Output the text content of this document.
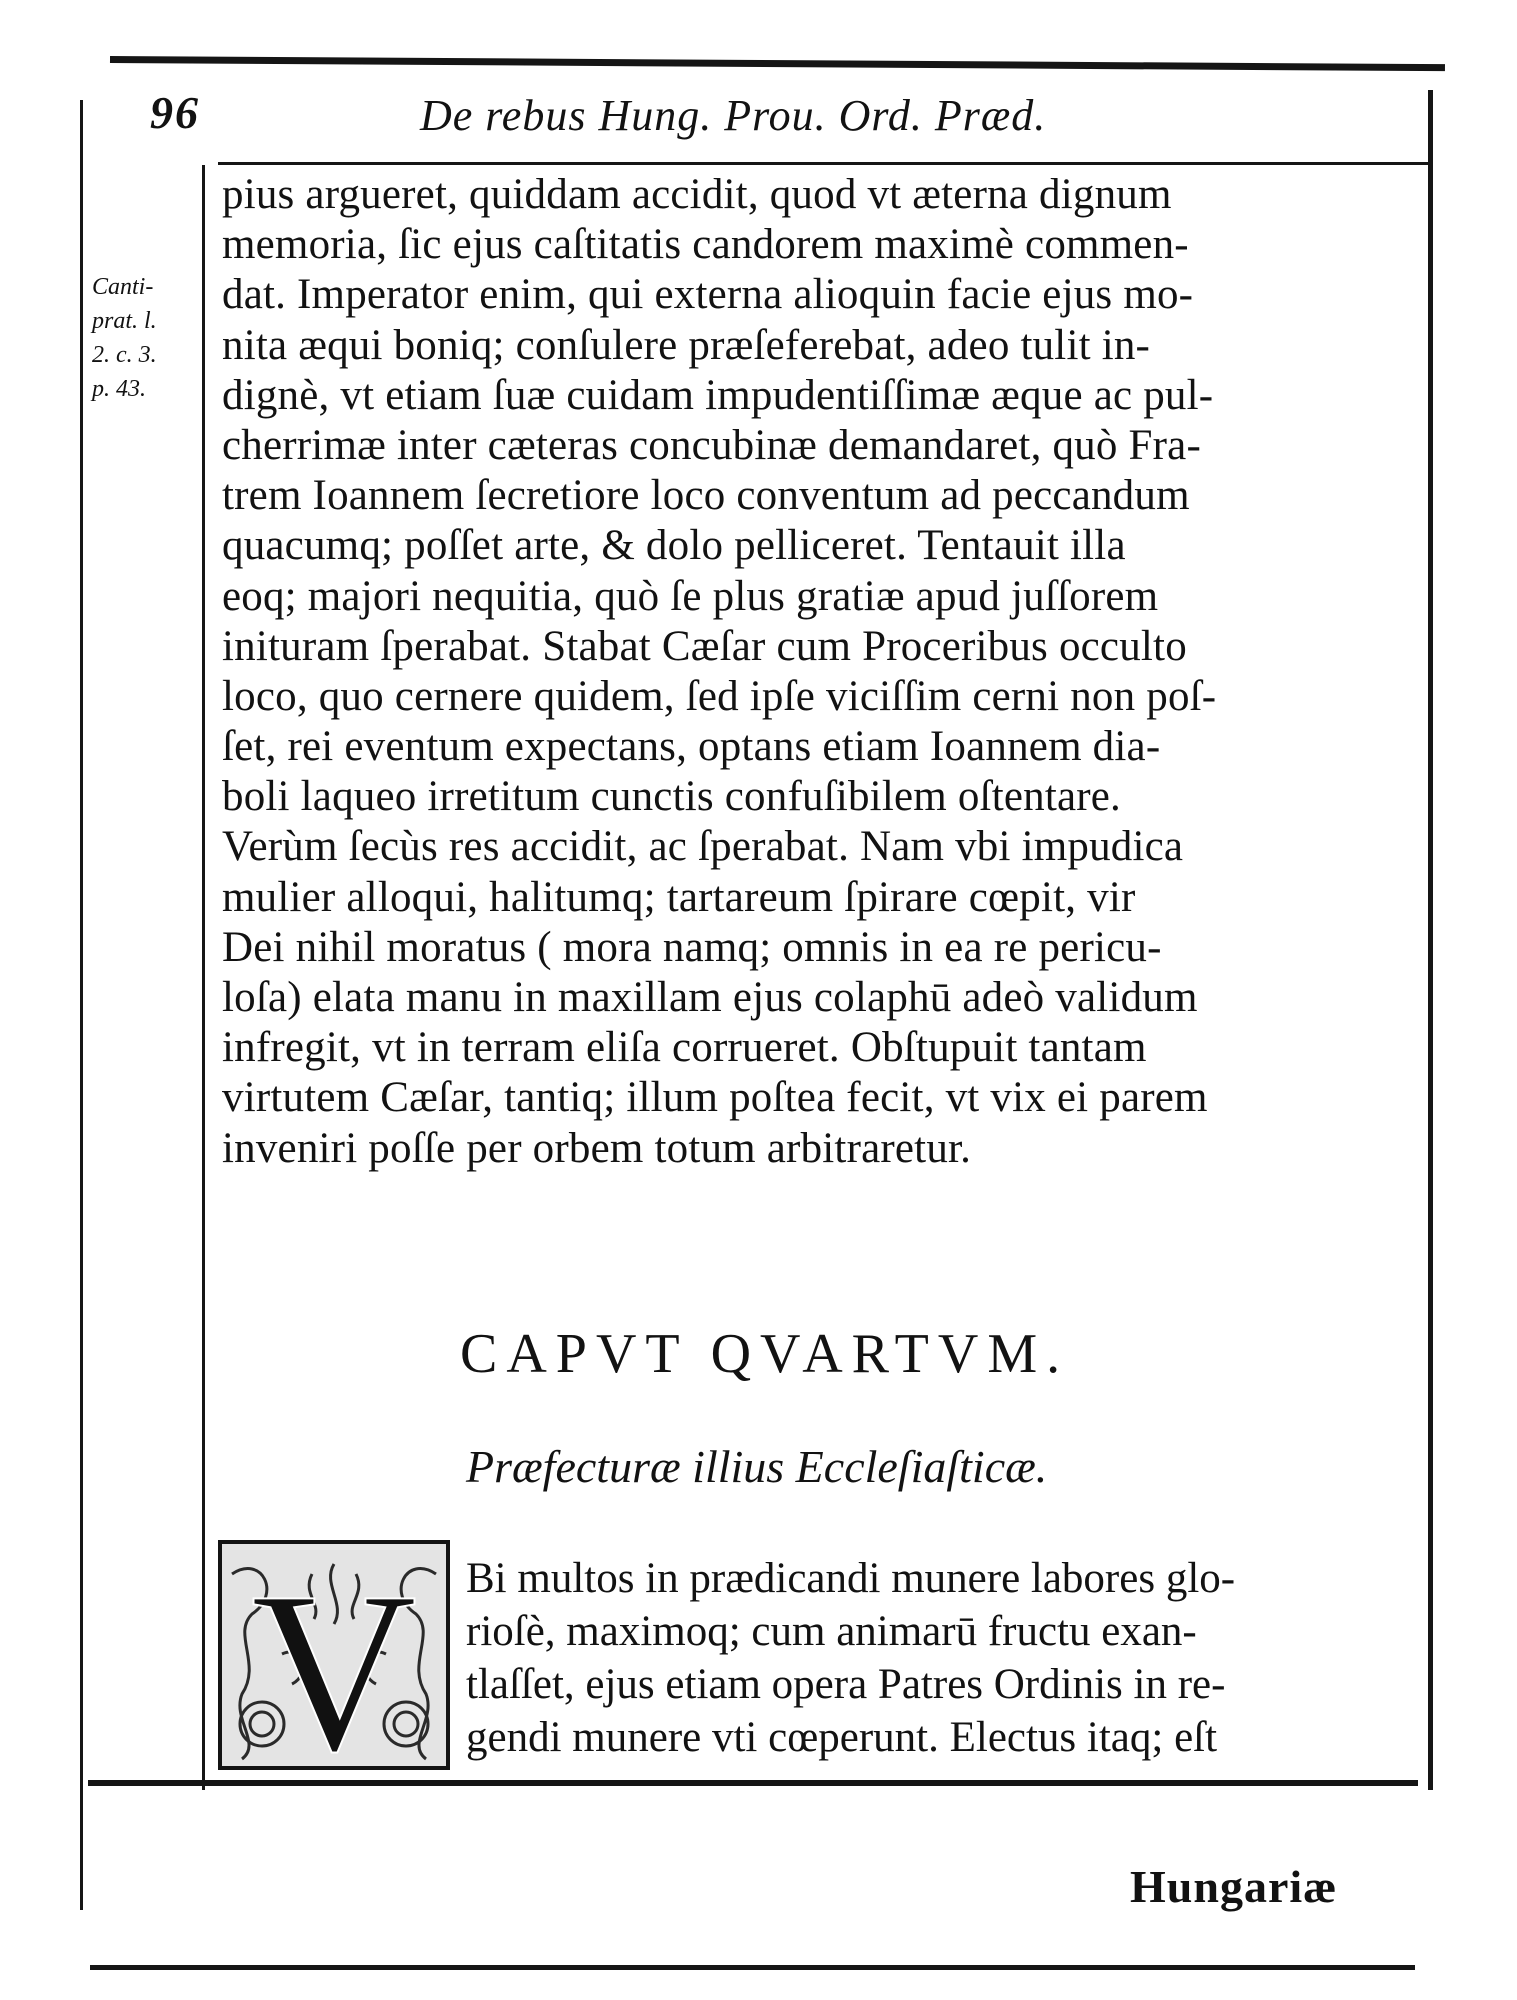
96	De rebus Hung. Prou. Ord. Præd.
Canti-
prat. l.
2. c. 3.
p. 43.
pius argueret, quiddam accidit, quod vt æterna dignum
memoria, ſic ejus caſtitatis candorem maximè commen-
dat. Imperator enim, qui externa alioquin facie ejus mo-
nita æqui boniq; conſulere præſeferebat, adeo tulit in-
dignè, vt etiam ſuæ cuidam impudentiſſimæ æque ac pul-
cherrimæ inter cæteras concubinæ demandaret, quò Fra-
trem Ioannem ſecretiore loco conventum ad peccandum
quacumq; poſſet arte, & dolo pelliceret. Tentauit illa
eoq; majori nequitia, quò ſe plus gratiæ apud juſſorem
inituram ſperabat. Stabat Cæſar cum Proceribus occulto
loco, quo cernere quidem, ſed ipſe viciſſim cerni non poſ-
ſet, rei eventum expectans, optans etiam Ioannem dia-
boli laqueo irretitum cunctis confuſibilem oſtentare.
Verùm ſecùs res accidit, ac ſperabat. Nam vbi impudica
mulier alloqui, halitumq; tartareum ſpirare cœpit, vir
Dei nihil moratus ( mora namq; omnis in ea re pericu-
loſa) elata manu in maxillam ejus colaphū adeò validum
infregit, vt in terram eliſa corrueret. Obſtupuit tantam
virtutem Cæſar, tantiq; illum poſtea fecit, vt vix ei parem
inveniri poſſe per orbem totum arbitraretur.
CAPVT QVARTVM.
Præfecturæ illius Eccleſiaſticæ.
V Bi multos in prædicandi munere labores glo-
rioſè, maximoq; cum animarū fructu exan-
tlaſſet, ejus etiam opera Patres Ordinis in re-
gendi munere vti cœperunt. Electus itaq; eſt
Hungariæ
